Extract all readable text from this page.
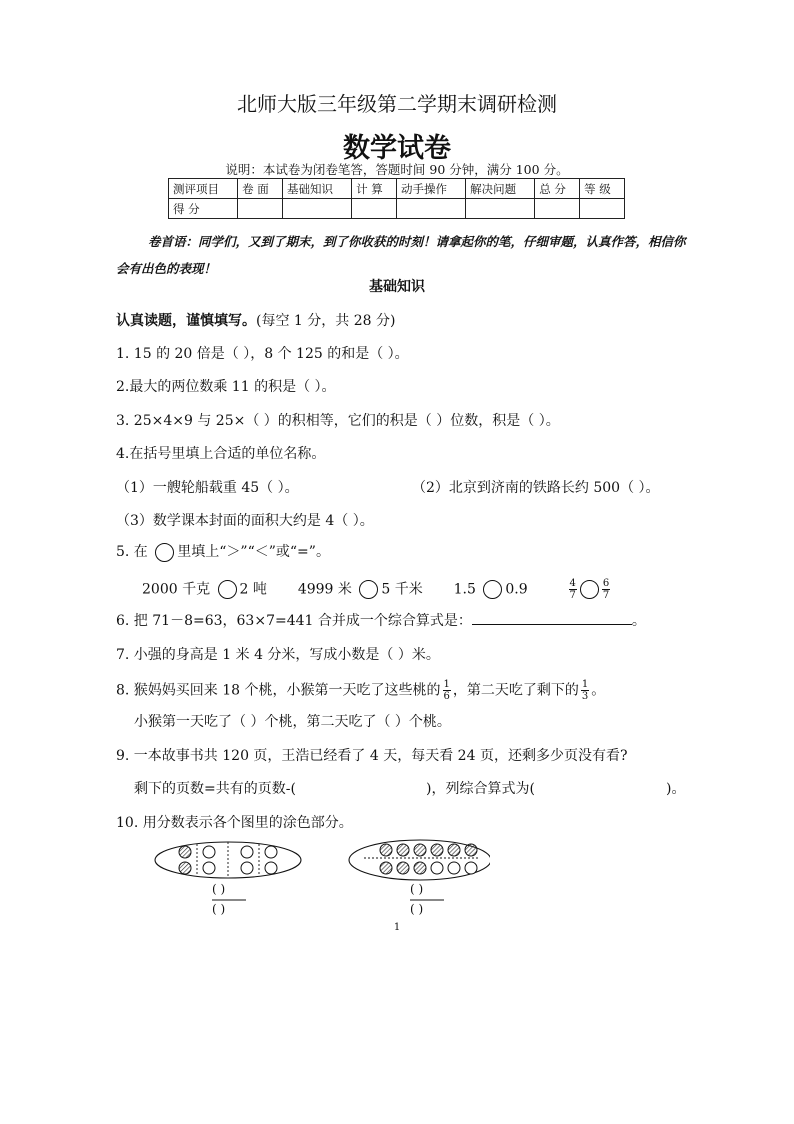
北师大版三年级第二学期末调研检测
数学试卷
说明：本试卷为闭卷笔答，答题时间 90 分钟，满分 100 分。
测评项目	卷 面	基础知识	计 算	动手操作	解决问题	总 分	等 级
得 分							
卷首语：同学们，又到了期末，到了你收获的时刻！请拿起你的笔，仔细审题，认真作答，相信你会有出色的表现！
基础知识
认真读题，谨慎填写。(每空 1 分，共 28 分)
1. 15 的 20 倍是（ ），8 个 125 的和是（ ）。
2.最大的两位数乘 11 的积是（ ）。
3. 25×4×9 与 25×（ ）的积相等，它们的积是（ ）位数，积是（ ）。
4.在括号里填上合适的单位名称。
（1）一艘轮船载重 45（ ）。	（2）北京到济南的铁路长约 500（ ）。
（3）数学课本封面的面积大约是 4（ ）。
5. 在 里填上“＞”“＜”或“=”。
2000 千克 2 吨 4999 米 5 千米 1.5 0.9	$\frac{4}{7}$	$\frac{6}{7}$
6. 把 71－8=63，63×7=441 合并成一个综合算式是：	。
7. 小强的身高是 1 米 4 分米，写成小数是（ ）米。
8. 猴妈妈买回来 18 个桃，小猴第一天吃了这些桃的 $\frac{1}{6}$ ，第二天吃了剩下的 $\frac{1}{3}$ 。
小猴第一天吃了（ ）个桃，第二天吃了（ ）个桃。
9. 一本故事书共 120 页，王浩已经看了 4 天，每天看 24 页，还剩多少页没有看?
剩下的页数=共有的页数-(	)，列综合算式为(	)。
10. 用分数表示各个图里的涂色部分。
( )
( )
( )
( )
1
